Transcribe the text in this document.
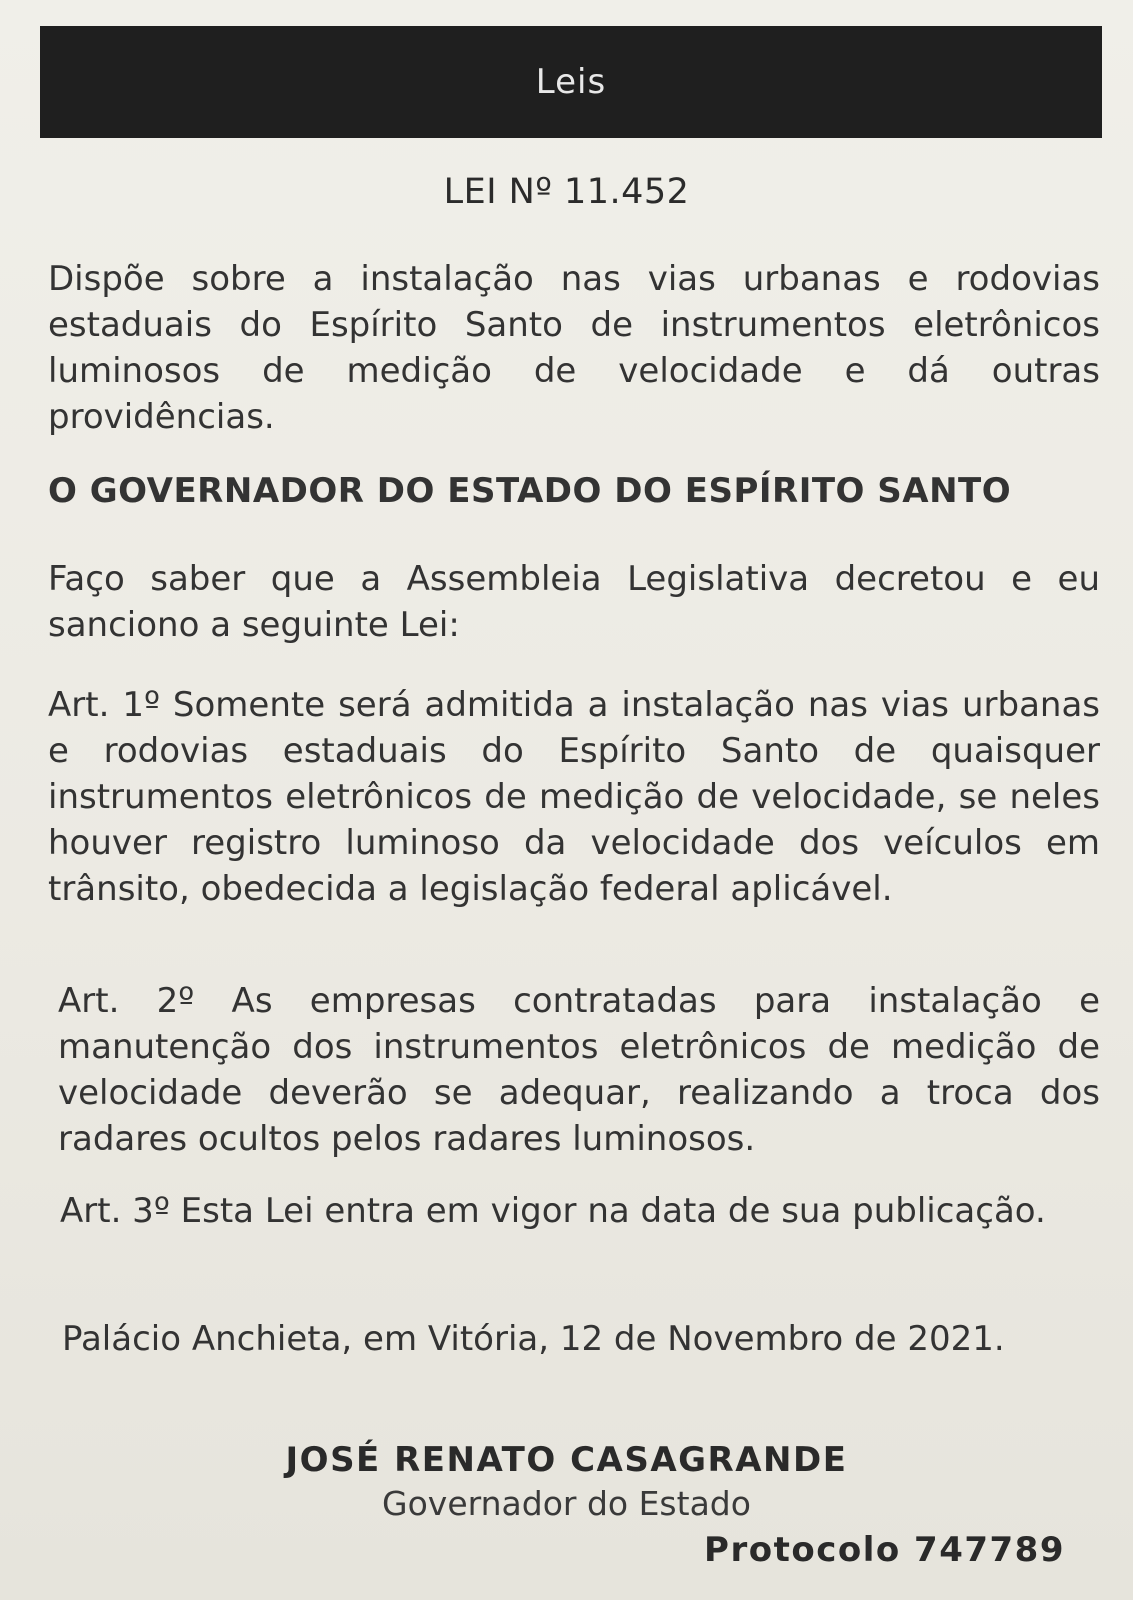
Leis
LEI Nº 11.452
Dispõe sobre a instalação nas vias urbanas e rodovias estaduais do Espírito Santo de instrumentos eletrônicos luminosos de medição de velocidade e dá outras providências.
O GOVERNADOR DO ESTADO DO ESPÍRITO SANTO
Faço saber que a Assembleia Legislativa decretou e eu sanciono a seguinte Lei:
Art. 1º Somente será admitida a instalação nas vias urbanas e rodovias estaduais do Espírito Santo de quaisquer instrumentos eletrônicos de medição de velocidade, se neles houver registro luminoso da velocidade dos veículos em trânsito, obedecida a legislação federal aplicável.
Art. 2º As empresas contratadas para instalação e manutenção dos instrumentos eletrônicos de medição de velocidade deverão se adequar, realizando a troca dos radares ocultos pelos radares luminosos.
Art. 3º Esta Lei entra em vigor na data de sua publicação.
Palácio Anchieta, em Vitória, 12 de Novembro de 2021.
JOSÉ RENATO CASAGRANDE
Governador do Estado
Protocolo 747789
